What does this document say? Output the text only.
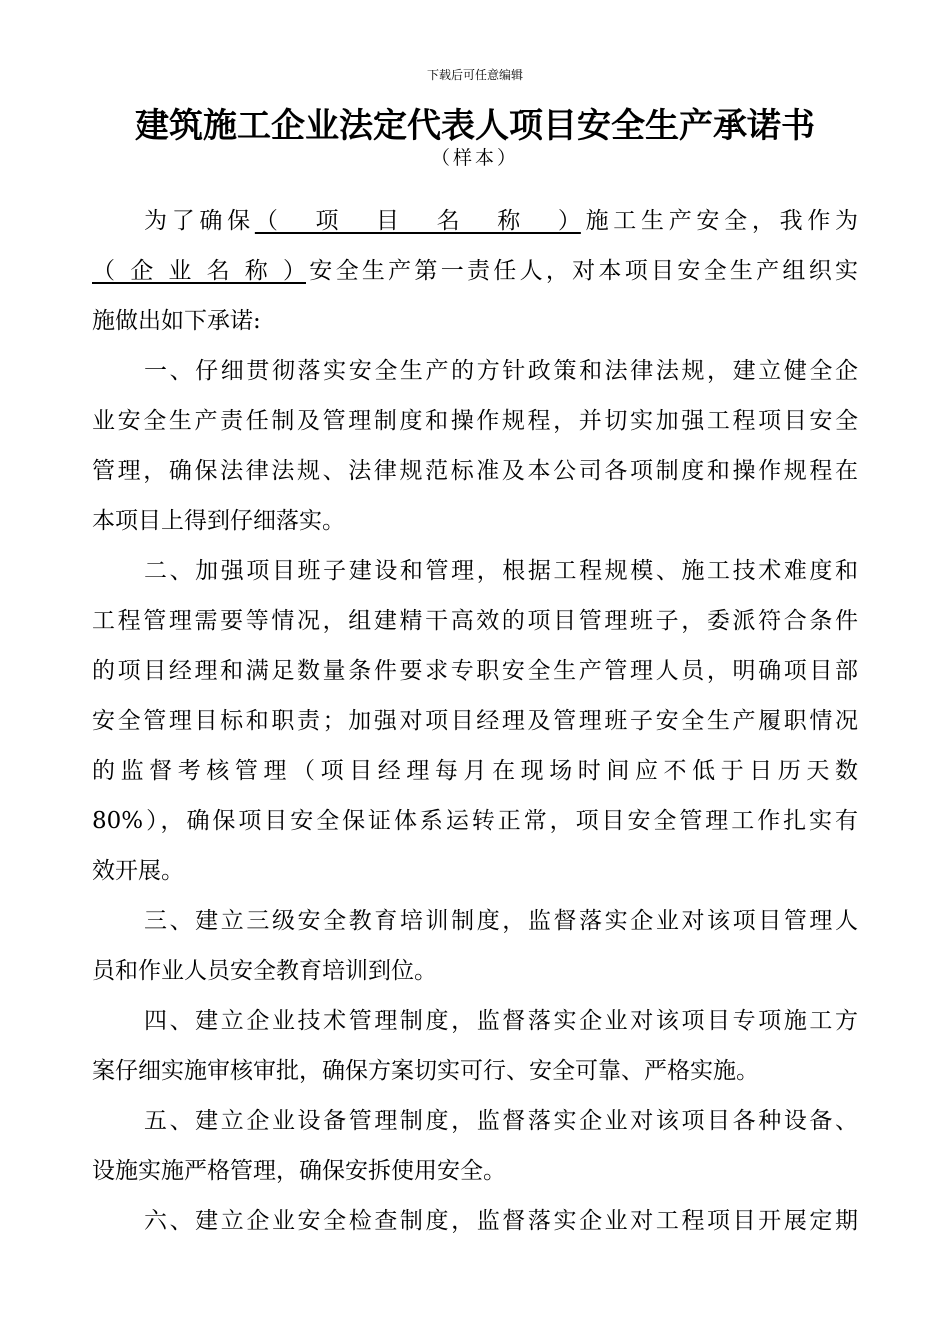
下载后可任意编辑
建筑施工企业法定代表人项目安全生产承诺书
（样本）
为了确保（项目名称）施工生产安全，我作为
（企业名称）安全生产第一责任人，对本项目安全生产组织实
施做出如下承诺:
一、仔细贯彻落实安全生产的方针政策和法律法规，建立健全企
业安全生产责任制及管理制度和操作规程，并切实加强工程项目安全
管理，确保法律法规、法律规范标准及本公司各项制度和操作规程在
本项目上得到仔细落实。
二、加强项目班子建设和管理，根据工程规模、施工技术难度和
工程管理需要等情况，组建精干高效的项目管理班子，委派符合条件
的项目经理和满足数量条件要求专职安全生产管理人员，明确项目部
安全管理目标和职责；加强对项目经理及管理班子安全生产履职情况
的监督考核管理（项目经理每月在现场时间应不低于日历天数
80%），确保项目安全保证体系运转正常，项目安全管理工作扎实有
效开展。
三、建立三级安全教育培训制度，监督落实企业对该项目管理人
员和作业人员安全教育培训到位。
四、建立企业技术管理制度，监督落实企业对该项目专项施工方
案仔细实施审核审批，确保方案切实可行、安全可靠、严格实施。
五、建立企业设备管理制度，监督落实企业对该项目各种设备、
设施实施严格管理，确保安拆使用安全。
六、建立企业安全检查制度，监督落实企业对工程项目开展定期
